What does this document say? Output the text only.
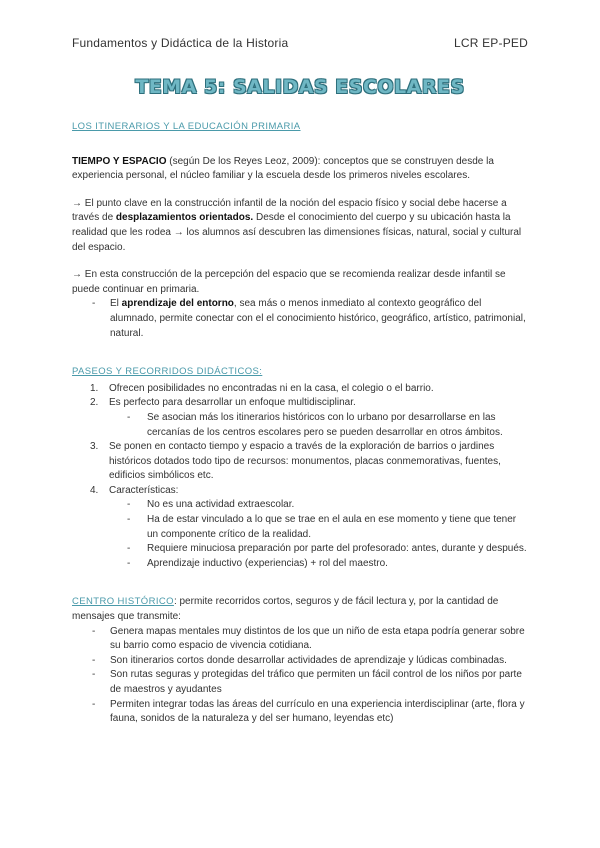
Fundamentos y Didáctica de la Historia	LCR EP-PED
TEMA 5: SALIDAS ESCOLARES
LOS ITINERARIOS Y LA EDUCACIÓN PRIMARIA

TIEMPO Y ESPACIO (según De los Reyes Leoz, 2009): conceptos que se construyen desde la experiencia personal, el núcleo familiar y la escuela desde los primeros niveles escolares.

→ El punto clave en la construcción infantil de la noción del espacio físico y social debe hacerse a través de desplazamientos orientados. Desde el conocimiento del cuerpo y su ubicación hasta la realidad que les rodea → los alumnos así descubren las dimensiones físicas, natural, social y cultural del espacio.

→ En esta construcción de la percepción del espacio que se recomienda realizar desde infantil se puede continuar en primaria.

- El aprendizaje del entorno, sea más o menos inmediato al contexto geográfico del alumnado, permite conectar con el el conocimiento histórico, geográfico, artístico, patrimonial, natural.
PASEOS Y RECORRIDOS DIDÁCTICOS:
1. Ofrecen posibilidades no encontradas ni en la casa, el colegio o el barrio.
2. Es perfecto para desarrollar un enfoque multidisciplinar.
- Se asocian más los itinerarios históricos con lo urbano por desarrollarse en las cercanías de los centros escolares pero se pueden desarrollar en otros ámbitos.
3. Se ponen en contacto tiempo y espacio a través de la exploración de barrios o jardines históricos dotados todo tipo de recursos: monumentos, placas conmemorativas, fuentes, edificios simbólicos etc.
4. Características:
- No es una actividad extraescolar.
- Ha de estar vinculado a lo que se trae en el aula en ese momento y tiene que tener un componente crítico de la realidad.
- Requiere minuciosa preparación por parte del profesorado: antes, durante y después.
- Aprendizaje inductivo (experiencias) + rol del maestro.

CENTRO HISTÓRICO: permite recorridos cortos, seguros y de fácil lectura y, por la cantidad de mensajes que transmite:

- Genera mapas mentales muy distintos de los que un niño de esta etapa podría generar sobre su barrio como espacio de vivencia cotidiana.
- Son itinerarios cortos donde desarrollar actividades de aprendizaje y lúdicas combinadas.
- Son rutas seguras y protegidas del tráfico que permiten un fácil control de los niños por parte de maestros y ayudantes
- Permiten integrar todas las áreas del currículo en una experiencia interdisciplinar (arte, flora y fauna, sonidos de la naturaleza y del ser humano, leyendas etc)
